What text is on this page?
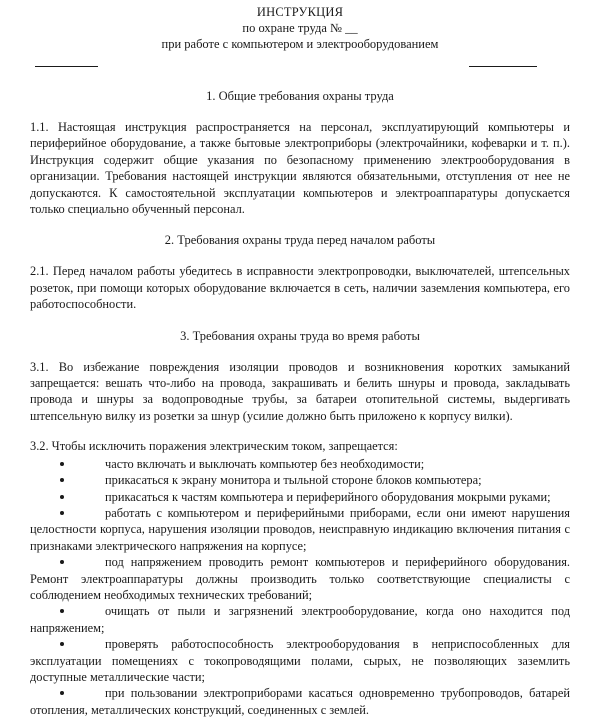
ИНСТРУКЦИЯ
по охране труда № __
при работе с компьютером и электрооборудованием

1. Общие требования охраны труда

1.1. Настоящая инструкция распространяется на персонал, эксплуатирующий компьютеры и периферийное оборудование, а также бытовые электроприборы (электрочайники, кофеварки и т. п.). Инструкция содержит общие указания по безопасному применению электрооборудования в организации. Требования настоящей инструкции являются обязательными, отступления от нее не допускаются. К самостоятельной эксплуатации компьютеров и электроаппаратуры допускается только специально обученный персонал.

2. Требования охраны труда перед началом работы

2.1. Перед началом работы убедитесь в исправности электропроводки, выключателей, штепсельных розеток, при помощи которых оборудование включается в сеть, наличии заземления компьютера, его работоспособности.

3. Требования охраны труда во время работы

3.1. Во избежание повреждения изоляции проводов и возникновения коротких замыканий запрещается: вешать что-либо на провода, закрашивать и белить шнуры и провода, закладывать провода и шнуры за водопроводные трубы, за батареи отопительной системы, выдергивать штепсельную вилку из розетки за шнур (усилие должно быть приложено к корпусу вилки).

3.2. Чтобы исключить поражения электрическим током, запрещается:

часто включать и выключать компьютер без необходимости;
прикасаться к экрану монитора и тыльной стороне блоков компьютера;
прикасаться к частям компьютера и периферийного оборудования мокрыми руками;
работать с компьютером и периферийными приборами, если они имеют нарушения целостности корпуса, нарушения изоляции проводов, неисправную индикацию включения питания с признаками электрического напряжения на корпусе;
под напряжением проводить ремонт компьютеров и периферийного оборудования. Ремонт электроаппаратуры должны производить только соответствующие специалисты с соблюдением необходимых технических требований;
очищать от пыли и загрязнений электрооборудование, когда оно находится под напряжением;
проверять работоспособность электрооборудования в неприспособленных для эксплуатации помещениях с токопроводящими полами, сырых, не позволяющих заземлить доступные металлические части;
при пользовании электроприборами касаться одновременно трубопроводов, батарей отопления, металлических конструкций, соединенных с землей.
